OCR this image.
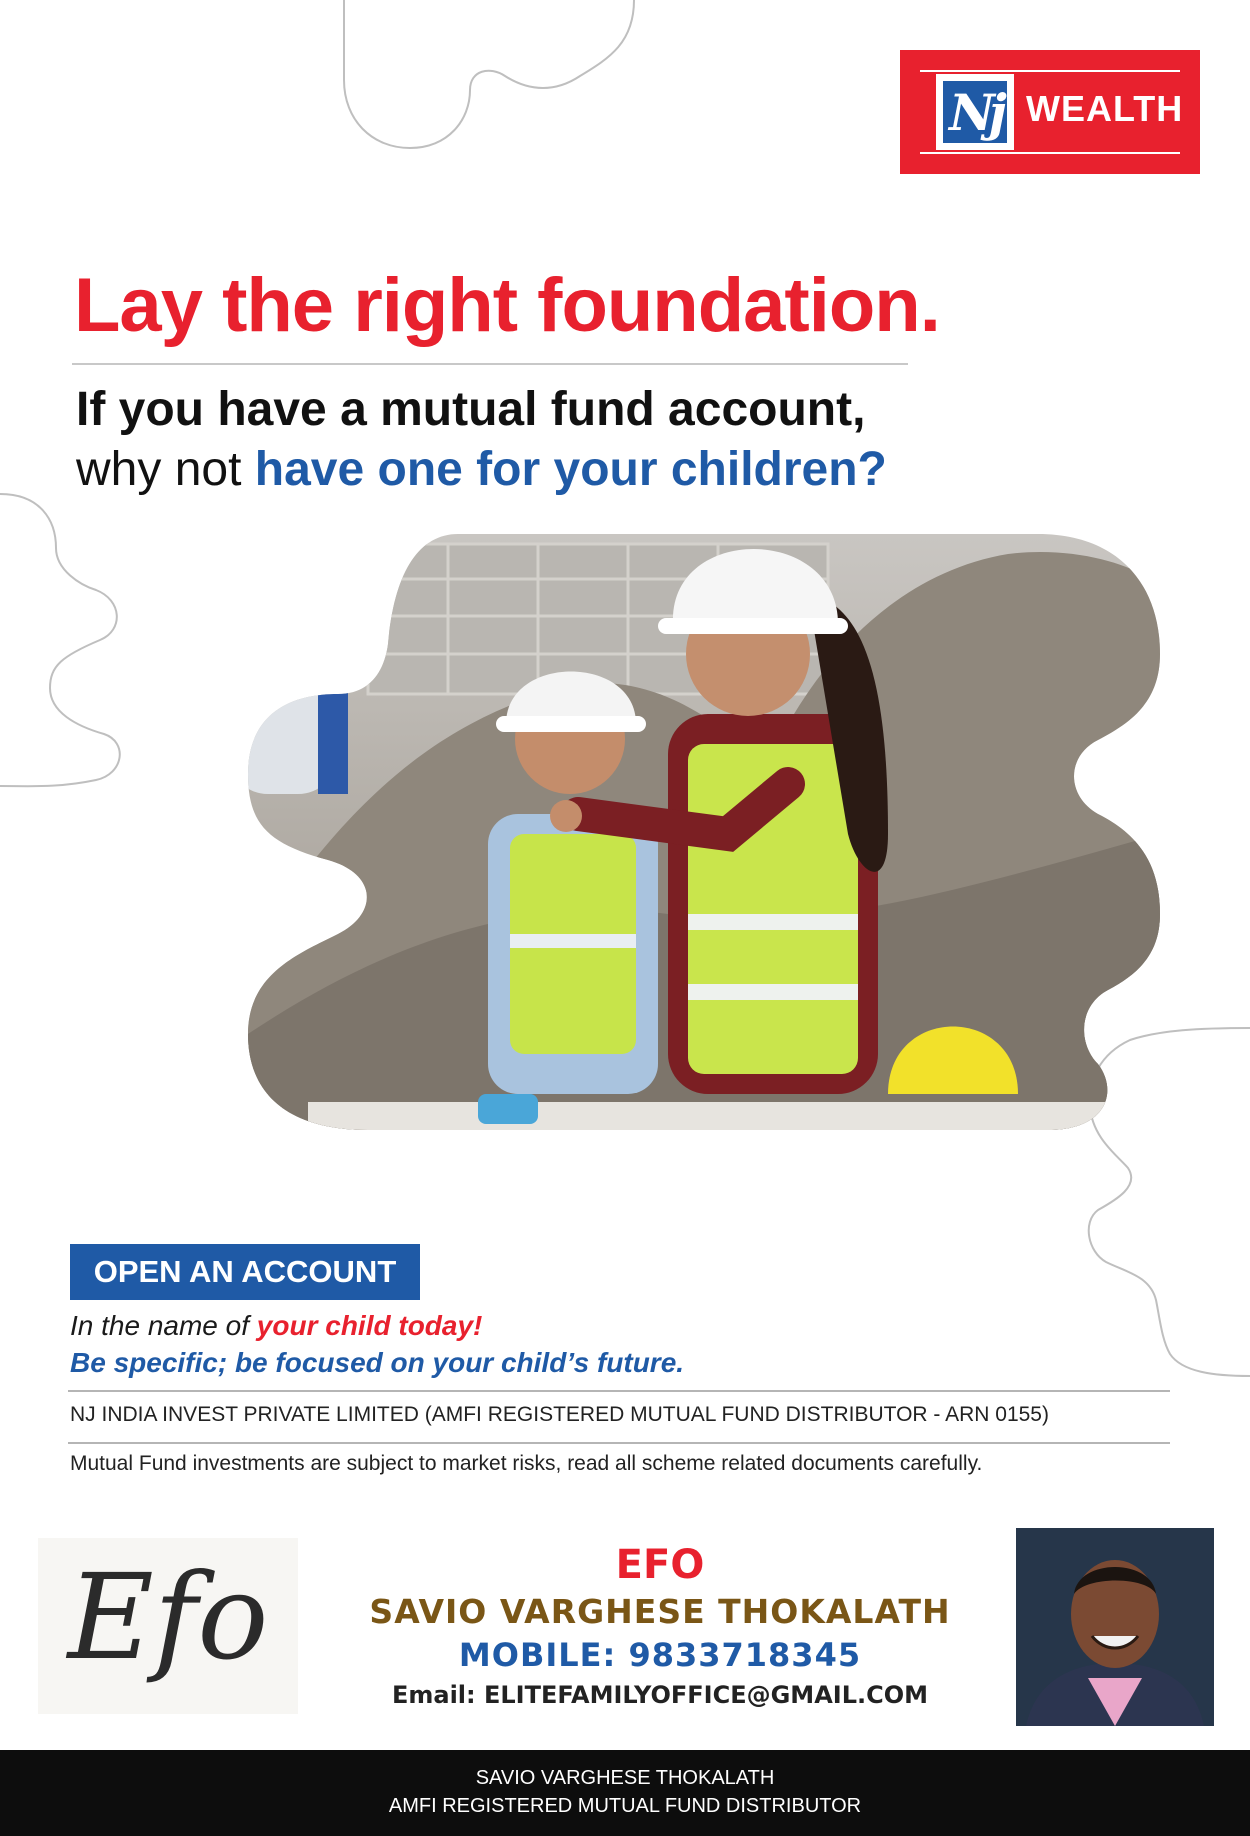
Nj WEALTH
Lay the right foundation.

If you have a mutual fund account,
why not have one for your children?

OPEN AN ACCOUNT

In the name of your child today!

Be specific; be focused on your child’s future.

NJ INDIA INVEST PRIVATE LIMITED (AMFI REGISTERED MUTUAL FUND DISTRIBUTOR - ARN 0155)

Mutual Fund investments are subject to market risks, read all scheme related documents carefully.

Efo	EFO
SAVIO VARGHESE THOKALATH
MOBILE: 9833718345
Email: ELITEFAMILYOFFICE@GMAIL.COM
SAVIO VARGHESE THOKALATH
AMFI REGISTERED MUTUAL FUND DISTRIBUTOR
